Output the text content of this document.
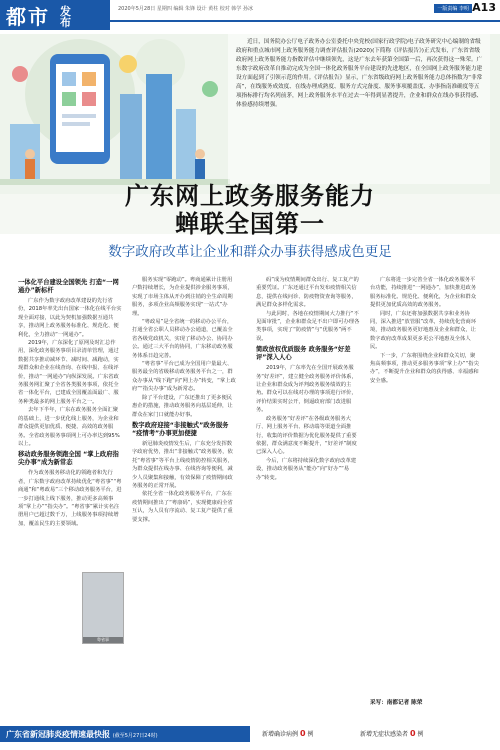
都市 发布
2020年5月28日 星期四 编辑 朱锋 设计 黄柱 校对 韩学 孙冰	一版责编 李明 A13
近日，国务院办公厅电子政务办公室委托中央党校(国家行政学院)电子政务研究中心编制的省级政府和重点城市网上政务服务能力调查评估报告(2020)(下简称《评估报告》)正式发布，广东省省级政府网上政务服务能力指数评估中继续领先，这是广东去年获第全国第一后，再次获得这一殊荣。广东数字政府改革自推动完成为全国一体化政务服务平台建设的先进地区，在全国网上政务服务能力建设方面起到了引领示范的作用。《评估报告》显示，广东省级政府网上政务服务能力总体指数为“非常高”，在线服务成效度、在线办理成熟度、服务方式完备度、服务事项覆盖度、办事指南准确度等五项指标排行均名列前茅，网上政务服务水平在过去一年得到显著提升，企业和群众在线办事获得感、体验感持续增强。
广东网上政务服务能力
蝉联全国第一
数字政府改革让企业和群众办事获得感成色更足
一体化平台建设全国领先 打造“一网通办”新标杆

广东作为数字政府改革建设的先行省份，2018年率先出台国家一体化在线平台实现全面对接，以此为契机加强数据互通共享，推动网上政务服务标准化、规范化、便利化，全力推动“一网通办”。

2019年，广东深化了原网及时汇总作用，深化政务服务事项目录清单管理，通过数据共享推动减环节、减时间、减跑动，实现群众和企业在线查询、在线申报、在线评价，推动“一网通办”向纵深发展。广东省政务服务网汇聚了全省各类服务事项，依托全省一体化平台，已建成全国覆盖面最广、服务种类最多的网上服务平台之一。

去年下半年，广东在政务服务全面汇聚的基础上，进一步优化线上服务，为企业和群众提供更加优质、便捷、高效的政务服务。全省政务服务事项网上可办率达到95%以上。

移动政务服务领跑全国 “掌上政府指尖办事”成为新常态

作为政务服务移动化的领跑者和先行者，广东数字政府改革持续优化“粤省事”“粤商通”和“粤政易”三个移动政务服务平台，进一步打通线上线下服务，推动更多高频事项“掌上办”“指尖办”。“粤省事”累计实名注册用户已超过数千万，上线服务事项持续增加，覆盖民生的主要领域。

服务实现“零跑动”。粤商通累计注册用户数持续增长，为企业提供涉企服务事项，实现了市场主体从开办到注销的全生命周期服务，多项企业高频服务实现“一站式”办理。

“粤政易”是全省统一的移动办公平台，打通全省公职人员移动办公通道，已覆盖全省各级党政机关，实现了移动办公、协同办公。通过三大平台的协同，广东移动政务服务体系日趋完善。

“粤省事”平台已成为全国用户量最大、服务最全的省级移动政务服务平台之一，群众办事从“线下跑”向“网上办”转变，“掌上政府”“指尖办事”成为新常态。

除了平台建设，广东还推出了更多便民惠企的措施，推动政务服务向基层延伸，让群众在家门口就能办好事。

数字政府迎接“非接触式”政务服务 “疫情考”办事更加便捷

新冠肺炎疫情发生后，广东充分发挥数字政府优势，推出“非接触式”政务服务，依托“粤省事”等平台上线疫情防控相关服务，为群众提供在线办事、在线咨询等便利，减少人员聚集和接触，有效保障了疫情期间政务服务的正常开展。

依托全省一体化政务服务平台，广东在疫情期间推出了“粤康码”，实现健康码全省互认，为人员有序流动、复工复产提供了重要支撑。

码”成为疫情期间群众出行、复工复产的重要凭证。广东还通过平台发布疫情相关信息，提供在线问诊、防疫物资查询等服务，满足群众多样化需求。

与此同时，各地在疫情期间大力推行“不见面审批”，企业和群众足不出户即可办理各类事项，实现了“防疫情”与“优服务”两不误。

简政放权优质服务 政务服务“好差评”深入人心

2019年，广东率先在全国开展政务服务“好差评”，建立健全政务服务评价体系，让企业和群众成为评判政务服务绩效的主角。群众可以在线对办理的事项进行评价，评价结果实时公开，倒逼政府部门改进服务。

政务服务“好差评”在各级政务服务大厅、网上服务平台、移动端等渠道全面推行，收集的评价数据为优化服务提供了重要依据，群众满意度不断提升，“好差评”制度已深入人心。

今后，广东将持续深化数字政府改革建设，推动政务服务从“能办”向“好办”“易办”转变。

广东将进一步完善全省一体化政务服务平台功能，持续推进“一网通办”，加快推进政务服务标准化、规范化、便利化，为企业和群众提供更加优质高效的政务服务。

同时，广东还将加强数据共享和业务协同，深入推进“放管服”改革，持续优化营商环境，推动政务服务更好地惠及企业和群众，让数字政府改革成果更多更公平地惠及全体人民。

下一步，广东将围绕企业和群众关切，聚焦高频事项，推动更多服务事项“掌上办”“指尖办”，不断提升企业和群众的获得感、幸福感和安全感。

粤省事
采写：南都记者 陈荣
广东省新冠肺炎疫情速最快报 (截至5月27日24时)	新增确诊病例 0 例	新增无症状感染者 0 例
